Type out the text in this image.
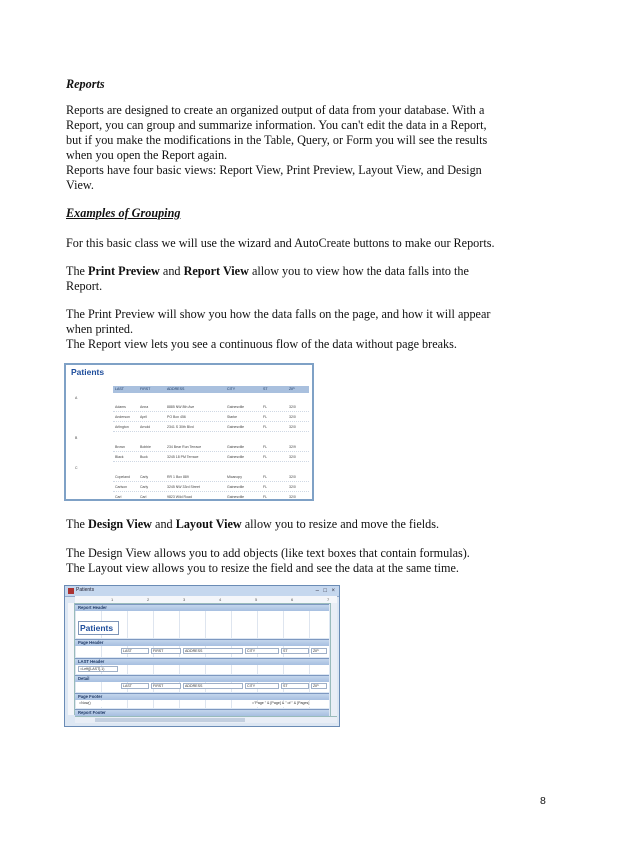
Reports

Reports are designed to create an organized output of data from your database. With a
Report, you can group and summarize information. You can't edit the data in a Report,
but if you make the modifications in the Table, Query, or Form you will see the results
when you open the Report again.
Reports have four basic views: Report View, Print Preview, Layout View, and Design
View.

Examples of Grouping

For this basic class we will use the wizard and AutoCreate buttons to make our Reports.

The Print Preview and Report View allow you to view how the data falls into the
Report.
The Print Preview will show you how the data falls on the page, and how it will appear
when printed.
The Report view lets you see a continuous flow of the data without page breaks.
Patients
LAST	FIRST	ADDRESS	CITY	ST	ZIP
A
Adams	Anna	8885 NW 8th Ave	Gainesville	FL	32/0
Anderson	April	PO Box 456	Starke	FL	32/0
Arlington	Arnold	2341 S 30th Blvd	Gainesville	FL	32/0
B
Brown	Bobbie	234 Bear Run Terrace	Gainesville	FL	32/9
Black	Buck	3245 18 PM Terrace	Gainesville	FL	32/0
C
Copeland	Carly	RR 1 Box 889	Micanopy	FL	32/0
Carlson	Carly	3245 NW 33rd Street	Gainesville	FL	32/0
Carl	Carl	9823 Wild Road	Gainesville	FL	32/0
The Design View and Layout View allow you to resize and move the fields.
The Design View allows you to add objects (like text boxes that contain formulas).
The Layout view allows you to resize the field and see the data at the same time.
Patients	– □ ×
1	2	3	4	5	6	7
Report Header
Patients
Page Header
LAST	FIRST	ADDRESS	CITY	ST	ZIP
LAST Header
=Left([LAST],1)
Detail
LAST	FIRST	ADDRESS	CITY	ST	ZIP
Page Footer
=Now()	="Page " & [Page] & " of " & [Pages]
Report Footer
8
